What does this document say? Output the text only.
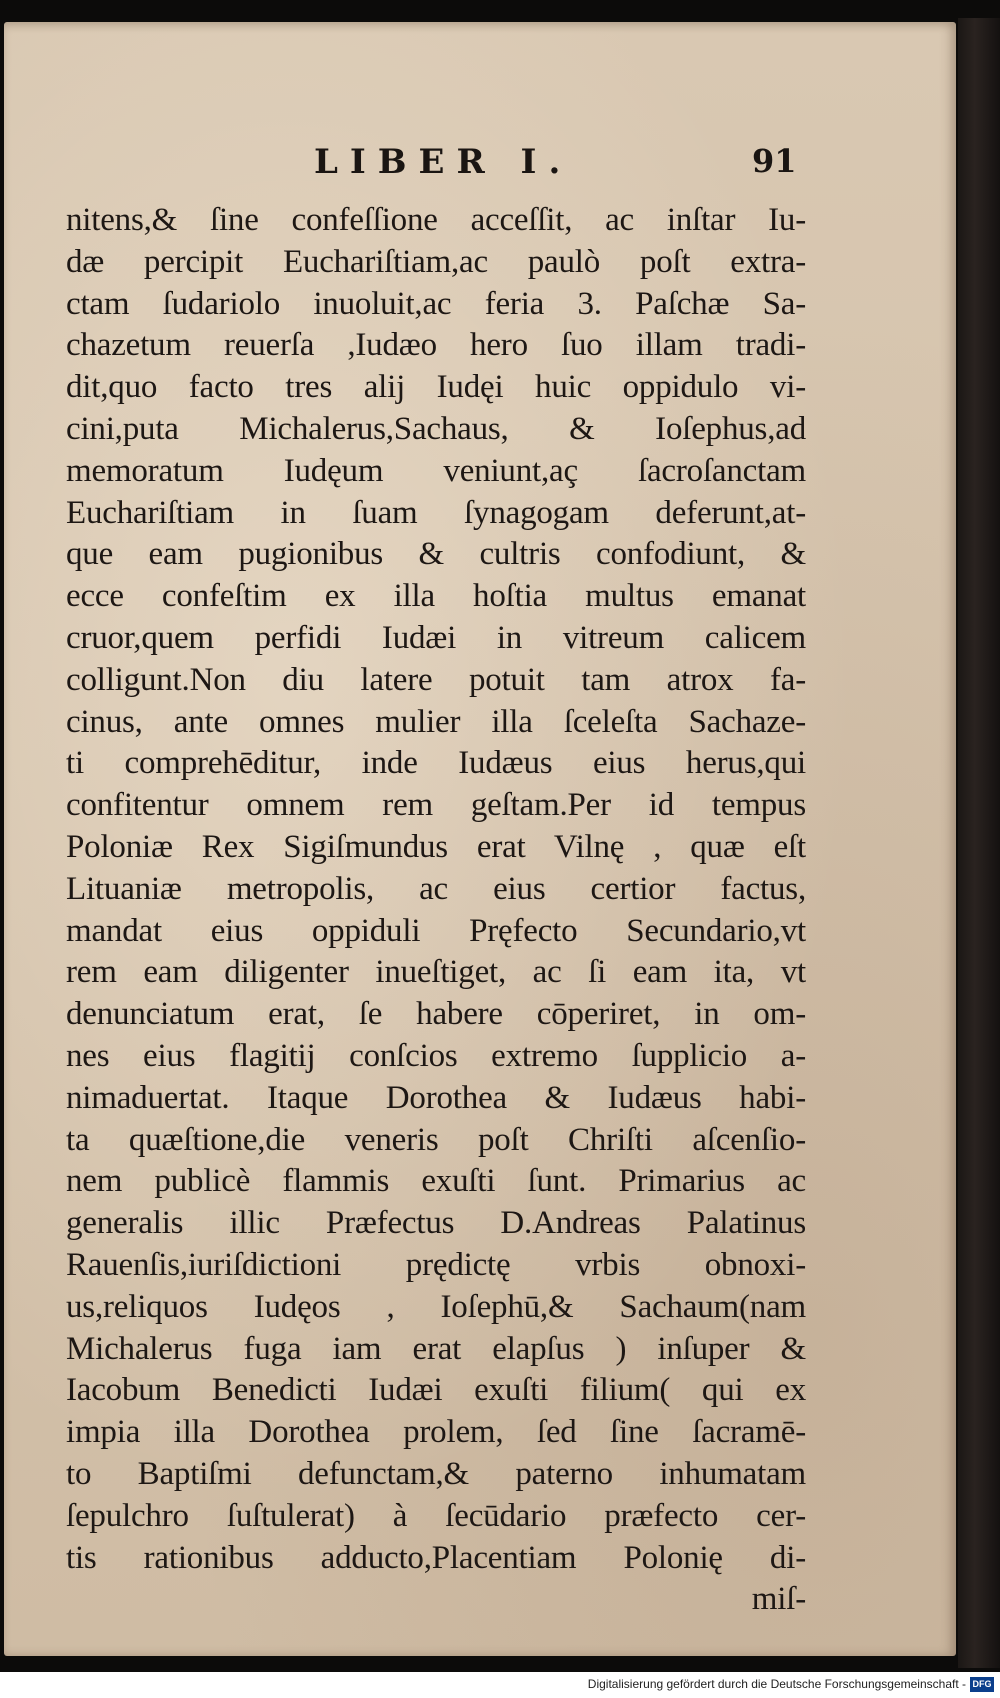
LIBER I.	91
nitens,& ſine confeſſione acceſſit, ac inſtar Iu-
dæ percipit Euchariſtiam,ac paulò poſt extra-
ctam ſudariolo inuoluit,ac feria 3. Paſchæ Sa-
chazetum reuerſa ,Iudæo hero ſuo illam tradi-
dit,quo facto tres alij Iudęi huic oppidulo vi-
cini,puta Michalerus,Sachaus, & Ioſephus,ad
memoratum Iudęum veniunt,aç ſacroſanctam
Euchariſtiam in ſuam ſynagogam deferunt,at-
que eam pugionibus & cultris confodiunt, &
ecce confeſtim ex illa hoſtia multus emanat
cruor,quem perfidi Iudæi in vitreum calicem
colligunt.Non diu latere potuit tam atrox fa-
cinus, ante omnes mulier illa ſceleſta Sachaze-
ti comprehēditur, inde Iudæus eius herus,qui
confitentur omnem rem geſtam.Per id tempus
Poloniæ Rex Sigiſmundus erat Vilnę , quæ eſt
Lituaniæ metropolis, ac eius certior factus,
mandat eius oppiduli Pręfecto Secundario,vt
rem eam diligenter inueſtiget, ac ſi eam ita, vt
denunciatum erat, ſe habere cōperiret, in om-
nes eius flagitij conſcios extremo ſupplicio a-
nimaduertat. Itaque Dorothea & Iudæus habi-
ta quæſtione,die veneris poſt Chriſti aſcenſio-
nem publicè flammis exuſti ſunt. Primarius ac
generalis illic Præfectus D.Andreas Palatinus
Rauenſis,iuriſdictioni prędictę vrbis obnoxi-
us,reliquos Iudęos , Ioſephū,& Sachaum(nam
Michalerus fuga iam erat elapſus ) inſuper &
Iacobum Benedicti Iudæi exuſti filium( qui ex
impia illa Dorothea prolem, ſed ſine ſacramē-
to Baptiſmi defunctam,& paterno inhumatam
ſepulchro ſuſtulerat) à ſecūdario præfecto cer-
tis rationibus adducto,Placentiam Polonię di-
miſ-
Digitalisierung gefördert durch die Deutsche Forschungsgemeinschaft - DFG
